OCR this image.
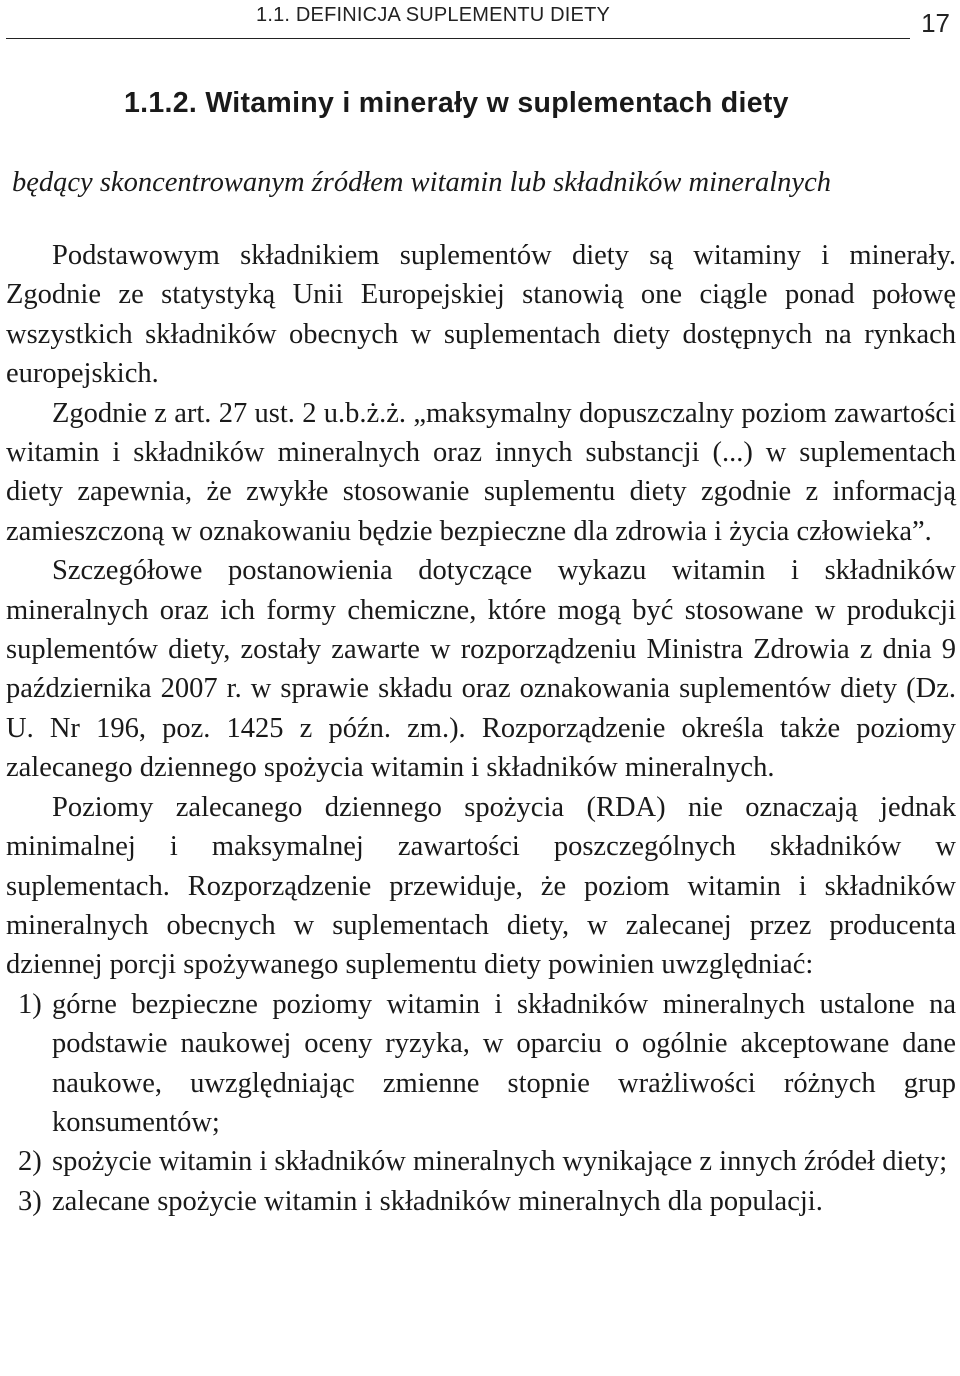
1.1. DEFINICJA SUPLEMENTU DIETY	17
1.1.2. Witaminy i minerały w suplementach diety
będący skoncentrowanym źródłem witamin lub składników mineralnych

Podstawowym składnikiem suplementów diety są witaminy i minerały. Zgodnie ze statystyką Unii Europejskiej stanowią one ciągle ponad połowę wszystkich składników obecnych w suplementach diety dostępnych na rynkach europejskich.

Zgodnie z art. 27 ust. 2 u.b.ż.ż. „maksymalny dopuszczalny poziom zawartości witamin i składników mineralnych oraz innych substancji (...) w suplementach diety zapewnia, że zwykłe stosowanie suplementu diety zgodnie z informacją zamieszczoną w oznakowaniu będzie bezpieczne dla zdrowia i życia człowieka”.

Szczegółowe postanowienia dotyczące wykazu witamin i składników mineralnych oraz ich formy chemiczne, które mogą być stosowane w produkcji suplementów diety, zostały zawarte w rozporządzeniu Ministra Zdrowia z dnia 9 października 2007 r. w sprawie składu oraz oznakowania suplementów diety (Dz. U. Nr 196, poz. 1425 z późn. zm.). Rozporządzenie określa także poziomy zalecanego dziennego spożycia witamin i składników mineralnych.

Poziomy zalecanego dziennego spożycia (RDA) nie oznaczają jednak minimalnej i maksymalnej zawartości poszczególnych składników w suplementach. Rozporządzenie przewiduje, że poziom witamin i składników mineralnych obecnych w suplementach diety, w zalecanej przez producenta dziennej porcji spożywanego suplementu diety powinien uwzględniać:

1) górne bezpieczne poziomy witamin i składników mineralnych ustalone na podstawie naukowej oceny ryzyka, w oparciu o ogólnie akceptowane dane naukowe, uwzględniając zmienne stopnie wrażliwości różnych grup konsumentów;
2) spożycie witamin i składników mineralnych wynikające z innych źródeł diety;
3) zalecane spożycie witamin i składników mineralnych dla populacji.
